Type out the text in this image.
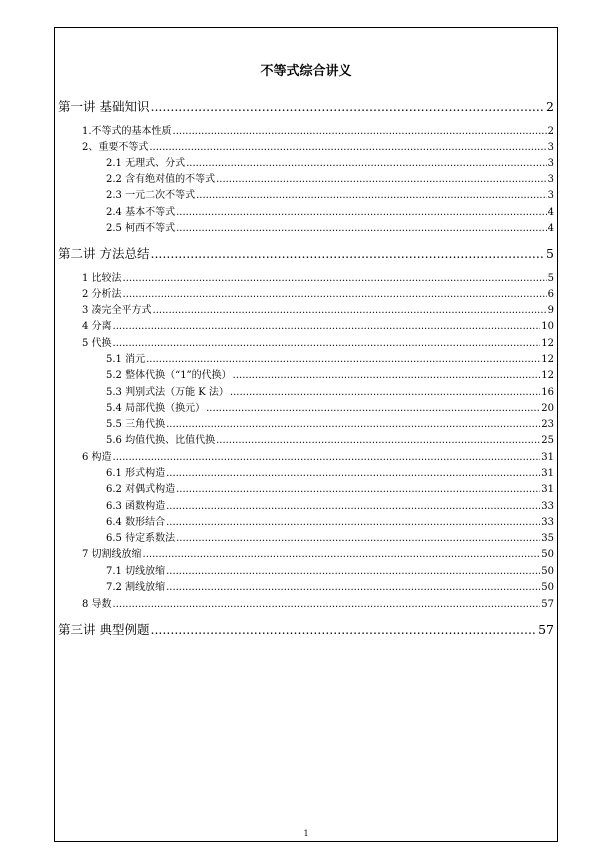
不等式综合讲义
第一讲 基础知识 .....	2
1.不等式的基本性质 .....	2
2、重要不等式 .....	3
2.1 无理式、分式 .....	3
2.2 含有绝对值的不等式 .....	3
2.3 一元二次不等式 .....	3
2.4 基本不等式 .....	4
2.5 柯西不等式 .....	4
第二讲 方法总结 .....	5
1 比较法 .....	5
2 分析法 .....	6
3 凑完全平方式 .....	9
4 分离 .....	10
5 代换 .....	12
5.1 消元 .....	12
5.2 整体代换（“1”的代换） .....	12
5.3 判别式法（万能 K 法） .....	16
5.4 局部代换（换元） .....	20
5.5 三角代换 .....	23
5.6 均值代换、比值代换 .....	25
6 构造 .....	31
6.1 形式构造 .....	31
6.2 对偶式构造 .....	31
6.3 函数构造 .....	33
6.4 数形结合 .....	33
6.5 待定系数法 .....	35
7 切割线放缩 .....	50
7.1 切线放缩 .....	50
7.2 割线放缩 .....	50
8 导数 .....	57
第三讲 典型例题 .....	57
1
